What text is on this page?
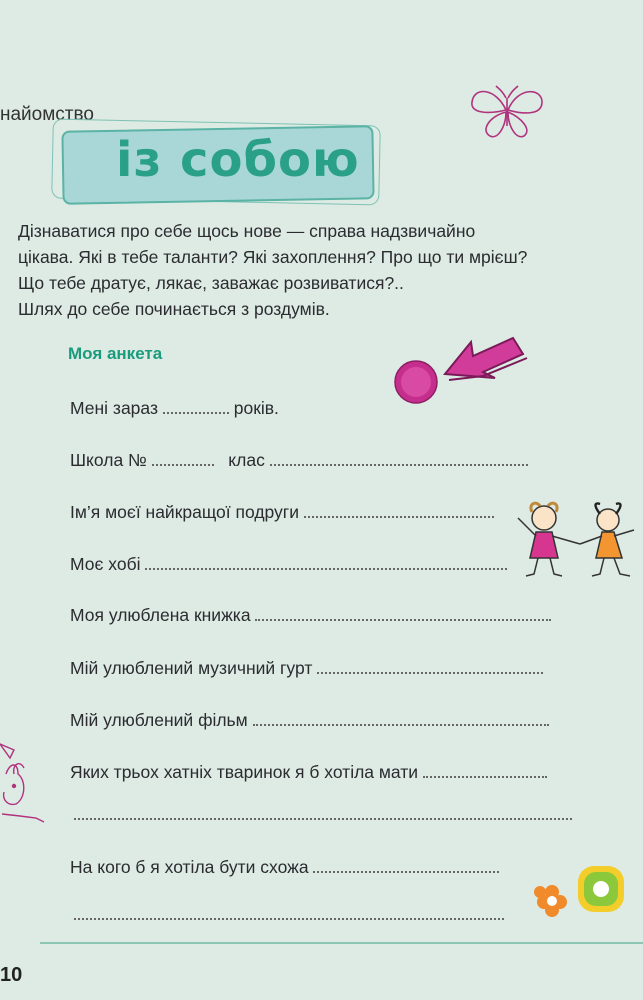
найомство
із собою
Дізнаватися про себе щось нове — справа надзвичайно
цікава. Які в тебе таланти? Які захоплення? Про що ти мрієш?
Що тебе дратує, лякає, заважає розвиватися?..
Шлях до себе починається з роздумів.
Моя анкета
Мені зараз	років.
Школа №	клас
Ім’я моєї найкращої подруги
Моє хобі
Моя улюблена книжка
Мій улюблений музичний гурт
Мій улюблений фільм
Яких трьох хатніх тваринок я б хотіла мати
На кого б я хотіла бути схожа
10
